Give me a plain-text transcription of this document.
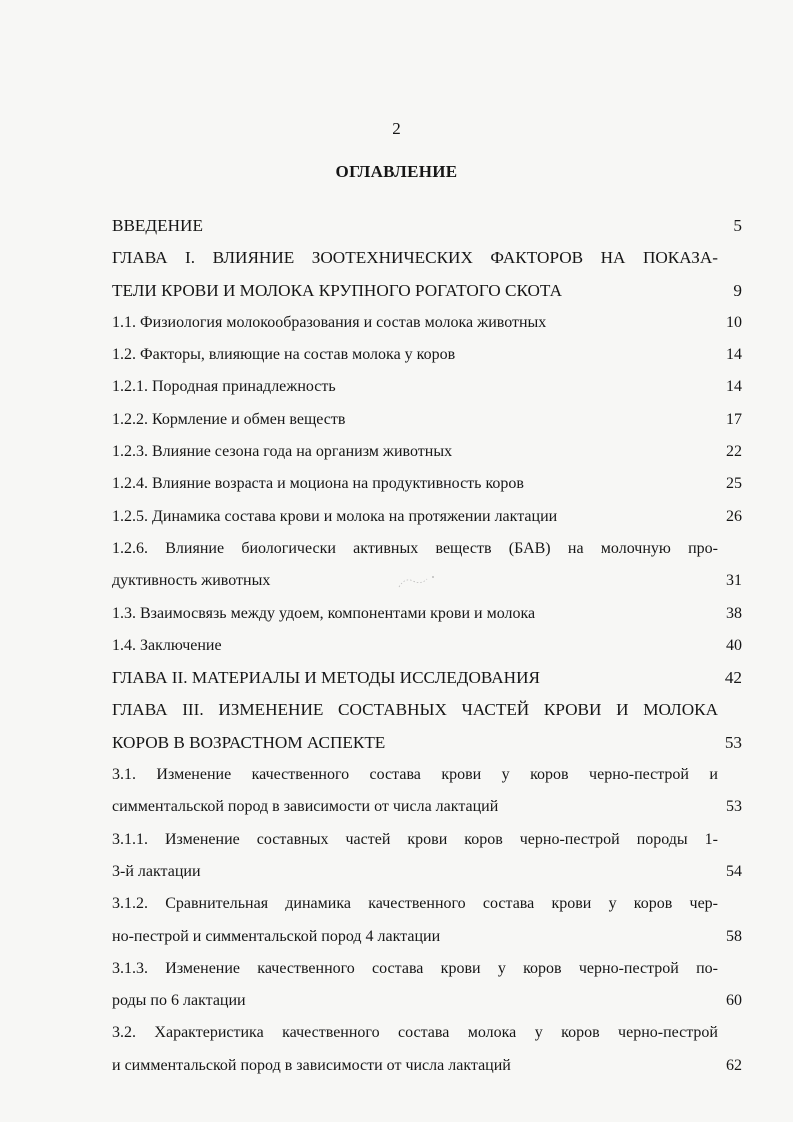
2
ОГЛАВЛЕНИЕ
ВВЕДЕНИЕ	5
ГЛАВА I. ВЛИЯНИЕ ЗООТЕХНИЧЕСКИХ ФАКТОРОВ НА ПОКАЗА-
ТЕЛИ КРОВИ И МОЛОКА КРУПНОГО РОГАТОГО СКОТА	9
1.1. Физиология молокообразования и состав молока животных	10
1.2. Факторы, влияющие на состав молока у коров	14
1.2.1. Породная принадлежность	14
1.2.2. Кормление и обмен веществ	17
1.2.3. Влияние сезона года на организм животных	22
1.2.4. Влияние возраста и моциона на продуктивность коров	25
1.2.5. Динамика состава крови и молока на протяжении лактации	26
1.2.6. Влияние биологически активных веществ (БАВ) на молочную про-
дуктивность животных	31
1.3. Взаимосвязь между удоем, компонентами крови и молока	38
1.4. Заключение	40
ГЛАВА II. МАТЕРИАЛЫ И МЕТОДЫ ИССЛЕДОВАНИЯ	42
ГЛАВА III. ИЗМЕНЕНИЕ СОСТАВНЫХ ЧАСТЕЙ КРОВИ И МОЛОКА
КОРОВ В ВОЗРАСТНОМ АСПЕКТЕ	53
3.1. Изменение качественного состава крови у коров черно-пестрой и
симментальской пород в зависимости от числа лактаций	53
3.1.1. Изменение составных частей крови коров черно-пестрой породы 1-
3-й лактации	54
3.1.2. Сравнительная динамика качественного состава крови у коров чер-
но-пестрой и симментальской пород 4 лактации	58
3.1.3. Изменение качественного состава крови у коров черно-пестрой по-
роды по 6 лактации	60
3.2. Характеристика качественного состава молока у коров черно-пестрой
и симментальской пород в зависимости от числа лактаций	62
